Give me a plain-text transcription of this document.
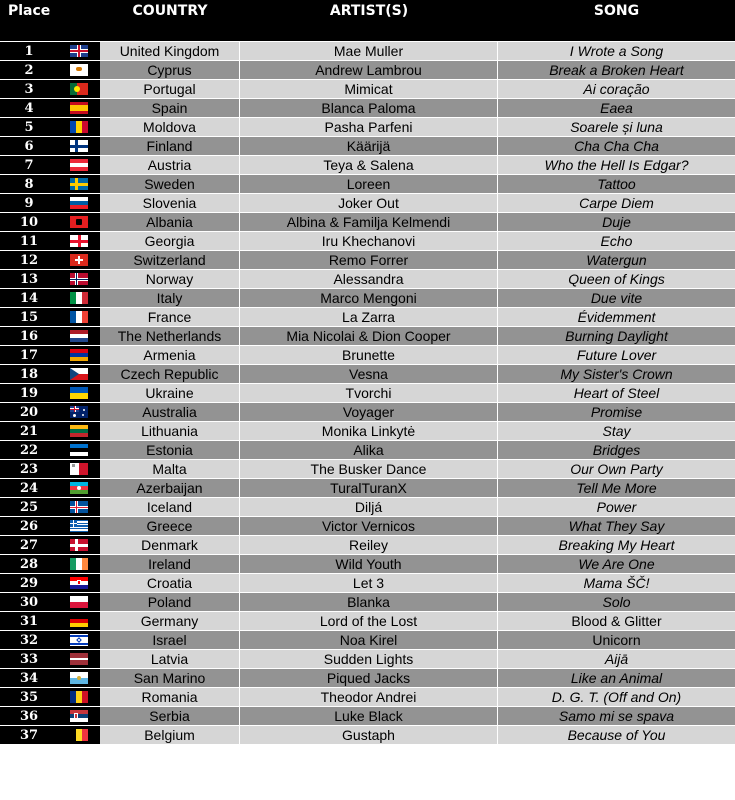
Place	COUNTRY	ARTIST(S)	SONG
1	United Kingdom	Mae Muller	I Wrote a Song
2	Cyprus	Andrew Lambrou	Break a Broken Heart
3	Portugal	Mimicat	Ai coração
4	Spain	Blanca Paloma	Eaea
5	Moldova	Pasha Parfeni	Soarele și luna
6	Finland	Käärijä	Cha Cha Cha
7	Austria	Teya & Salena	Who the Hell Is Edgar?
8	Sweden	Loreen	Tattoo
9	Slovenia	Joker Out	Carpe Diem
10	Albania	Albina & Familja Kelmendi	Duje
11	Georgia	Iru Khechanovi	Echo
12	Switzerland	Remo Forrer	Watergun
13	Norway	Alessandra	Queen of Kings
14	Italy	Marco Mengoni	Due vite
15	France	La Zarra	Évidemment
16	The Netherlands	Mia Nicolai & Dion Cooper	Burning Daylight
17	Armenia	Brunette	Future Lover
18	Czech Republic	Vesna	My Sister's Crown
19	Ukraine	Tvorchi	Heart of Steel
20	Australia	Voyager	Promise
21	Lithuania	Monika Linkytė	Stay
22	Estonia	Alika	Bridges
23	Malta	The Busker Dance	Our Own Party
24	Azerbaijan	TuralTuranX	Tell Me More
25	Iceland	Diljá	Power
26	Greece	Victor Vernicos	What They Say
27	Denmark	Reiley	Breaking My Heart
28	Ireland	Wild Youth	We Are One
29	Croatia	Let 3	Mama ŠČ!
30	Poland	Blanka	Solo
31	Germany	Lord of the Lost	Blood & Glitter
32	Israel	Noa Kirel	Unicorn
33	Latvia	Sudden Lights	Aijā
34	San Marino	Piqued Jacks	Like an Animal
35	Romania	Theodor Andrei	D. G. T. (Off and On)
36	Serbia	Luke Black	Samo mi se spava
37	Belgium	Gustaph	Because of You
